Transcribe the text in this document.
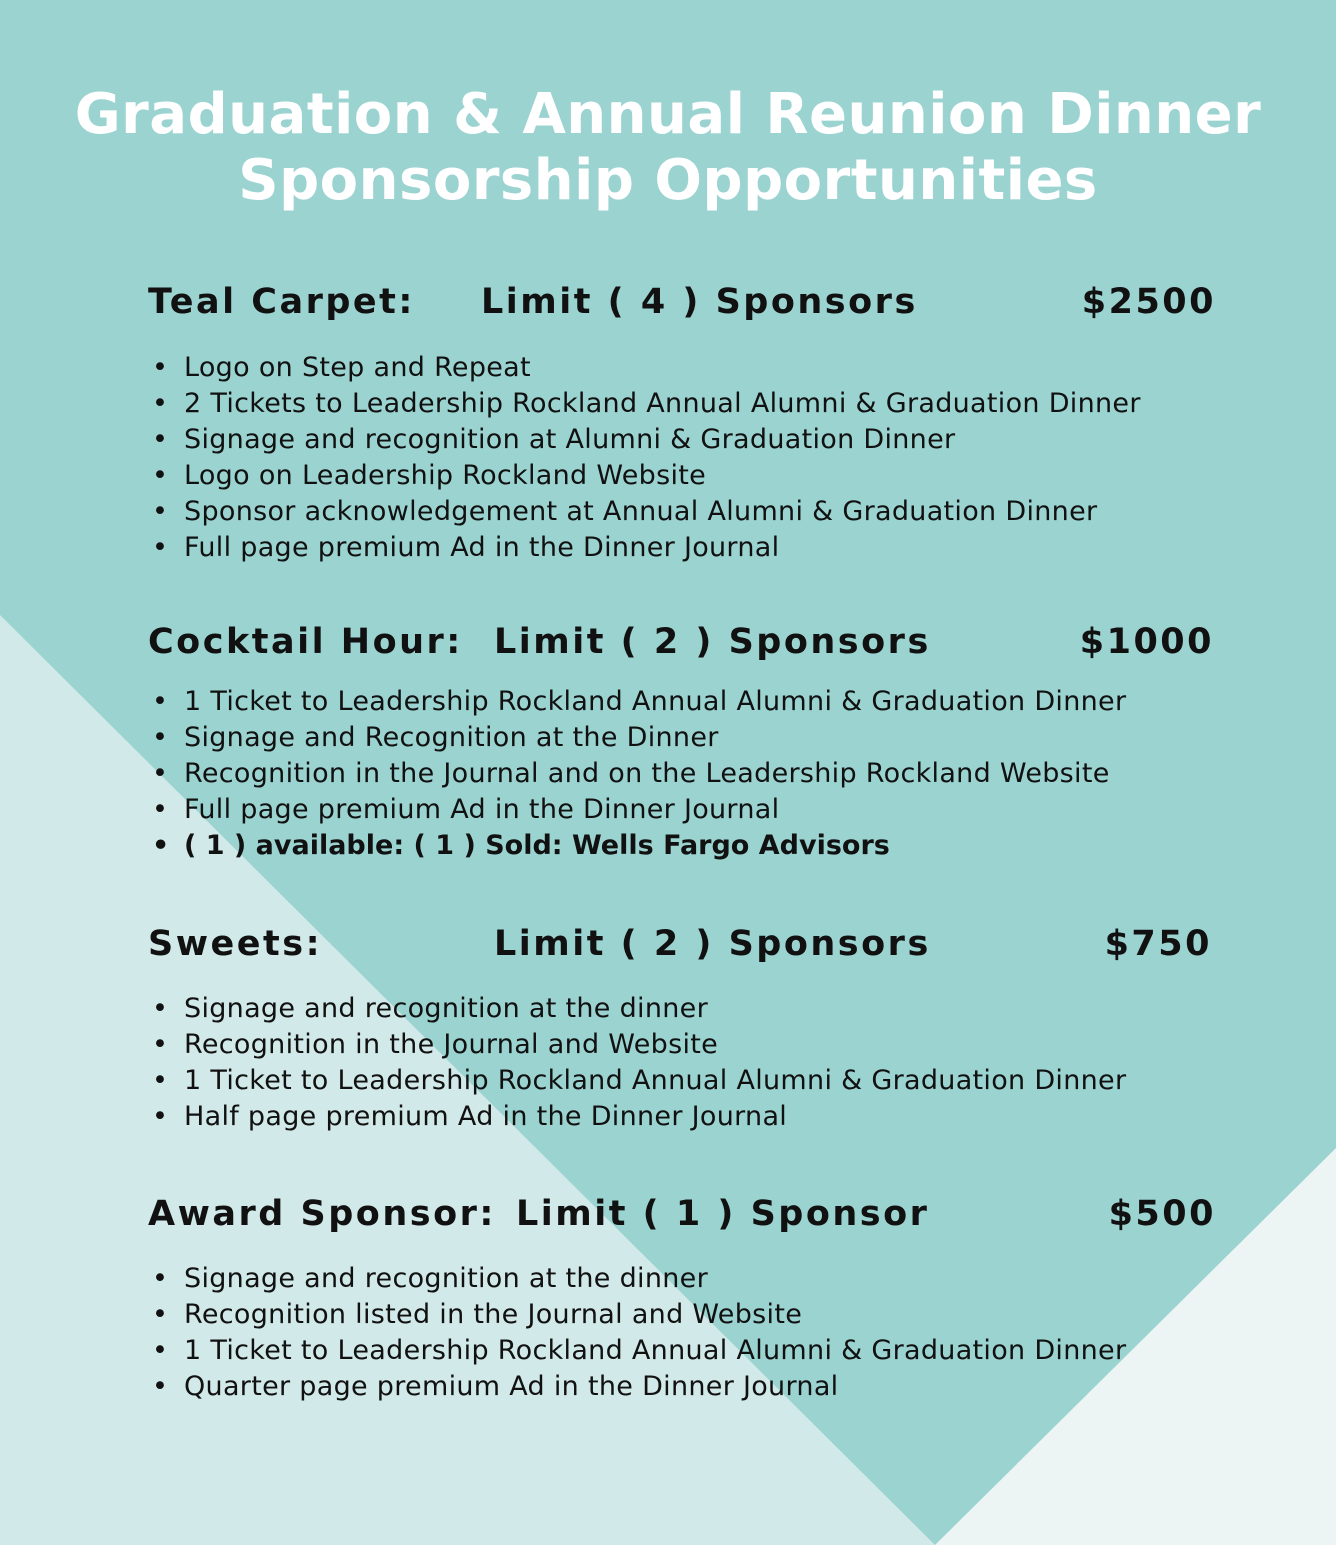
Graduation & Annual Reunion Dinner
Sponsorship Opportunities
Teal Carpet: Limit ( 4 ) Sponsors	$2500
• Logo on Step and Repeat
• 2 Tickets to Leadership Rockland Annual Alumni & Graduation Dinner
• Signage and recognition at Alumni & Graduation Dinner
• Logo on Leadership Rockland Website
• Sponsor acknowledgement at Annual Alumni & Graduation Dinner
• Full page premium Ad in the Dinner Journal
Cocktail Hour: Limit ( 2 ) Sponsors	$1000
• 1 Ticket to Leadership Rockland Annual Alumni & Graduation Dinner
• Signage and Recognition at the Dinner
• Recognition in the Journal and on the Leadership Rockland Website
• Full page premium Ad in the Dinner Journal
• ( 1 ) available: ( 1 ) Sold: Wells Fargo Advisors
Sweets:	Limit ( 2 ) Sponsors	$750
• Signage and recognition at the dinner
• Recognition in the Journal and Website
• 1 Ticket to Leadership Rockland Annual Alumni & Graduation Dinner
• Half page premium Ad in the Dinner Journal
Award Sponsor: Limit ( 1 ) Sponsor	$500
• Signage and recognition at the dinner
• Recognition listed in the Journal and Website
• 1 Ticket to Leadership Rockland Annual Alumni & Graduation Dinner
• Quarter page premium Ad in the Dinner Journal
